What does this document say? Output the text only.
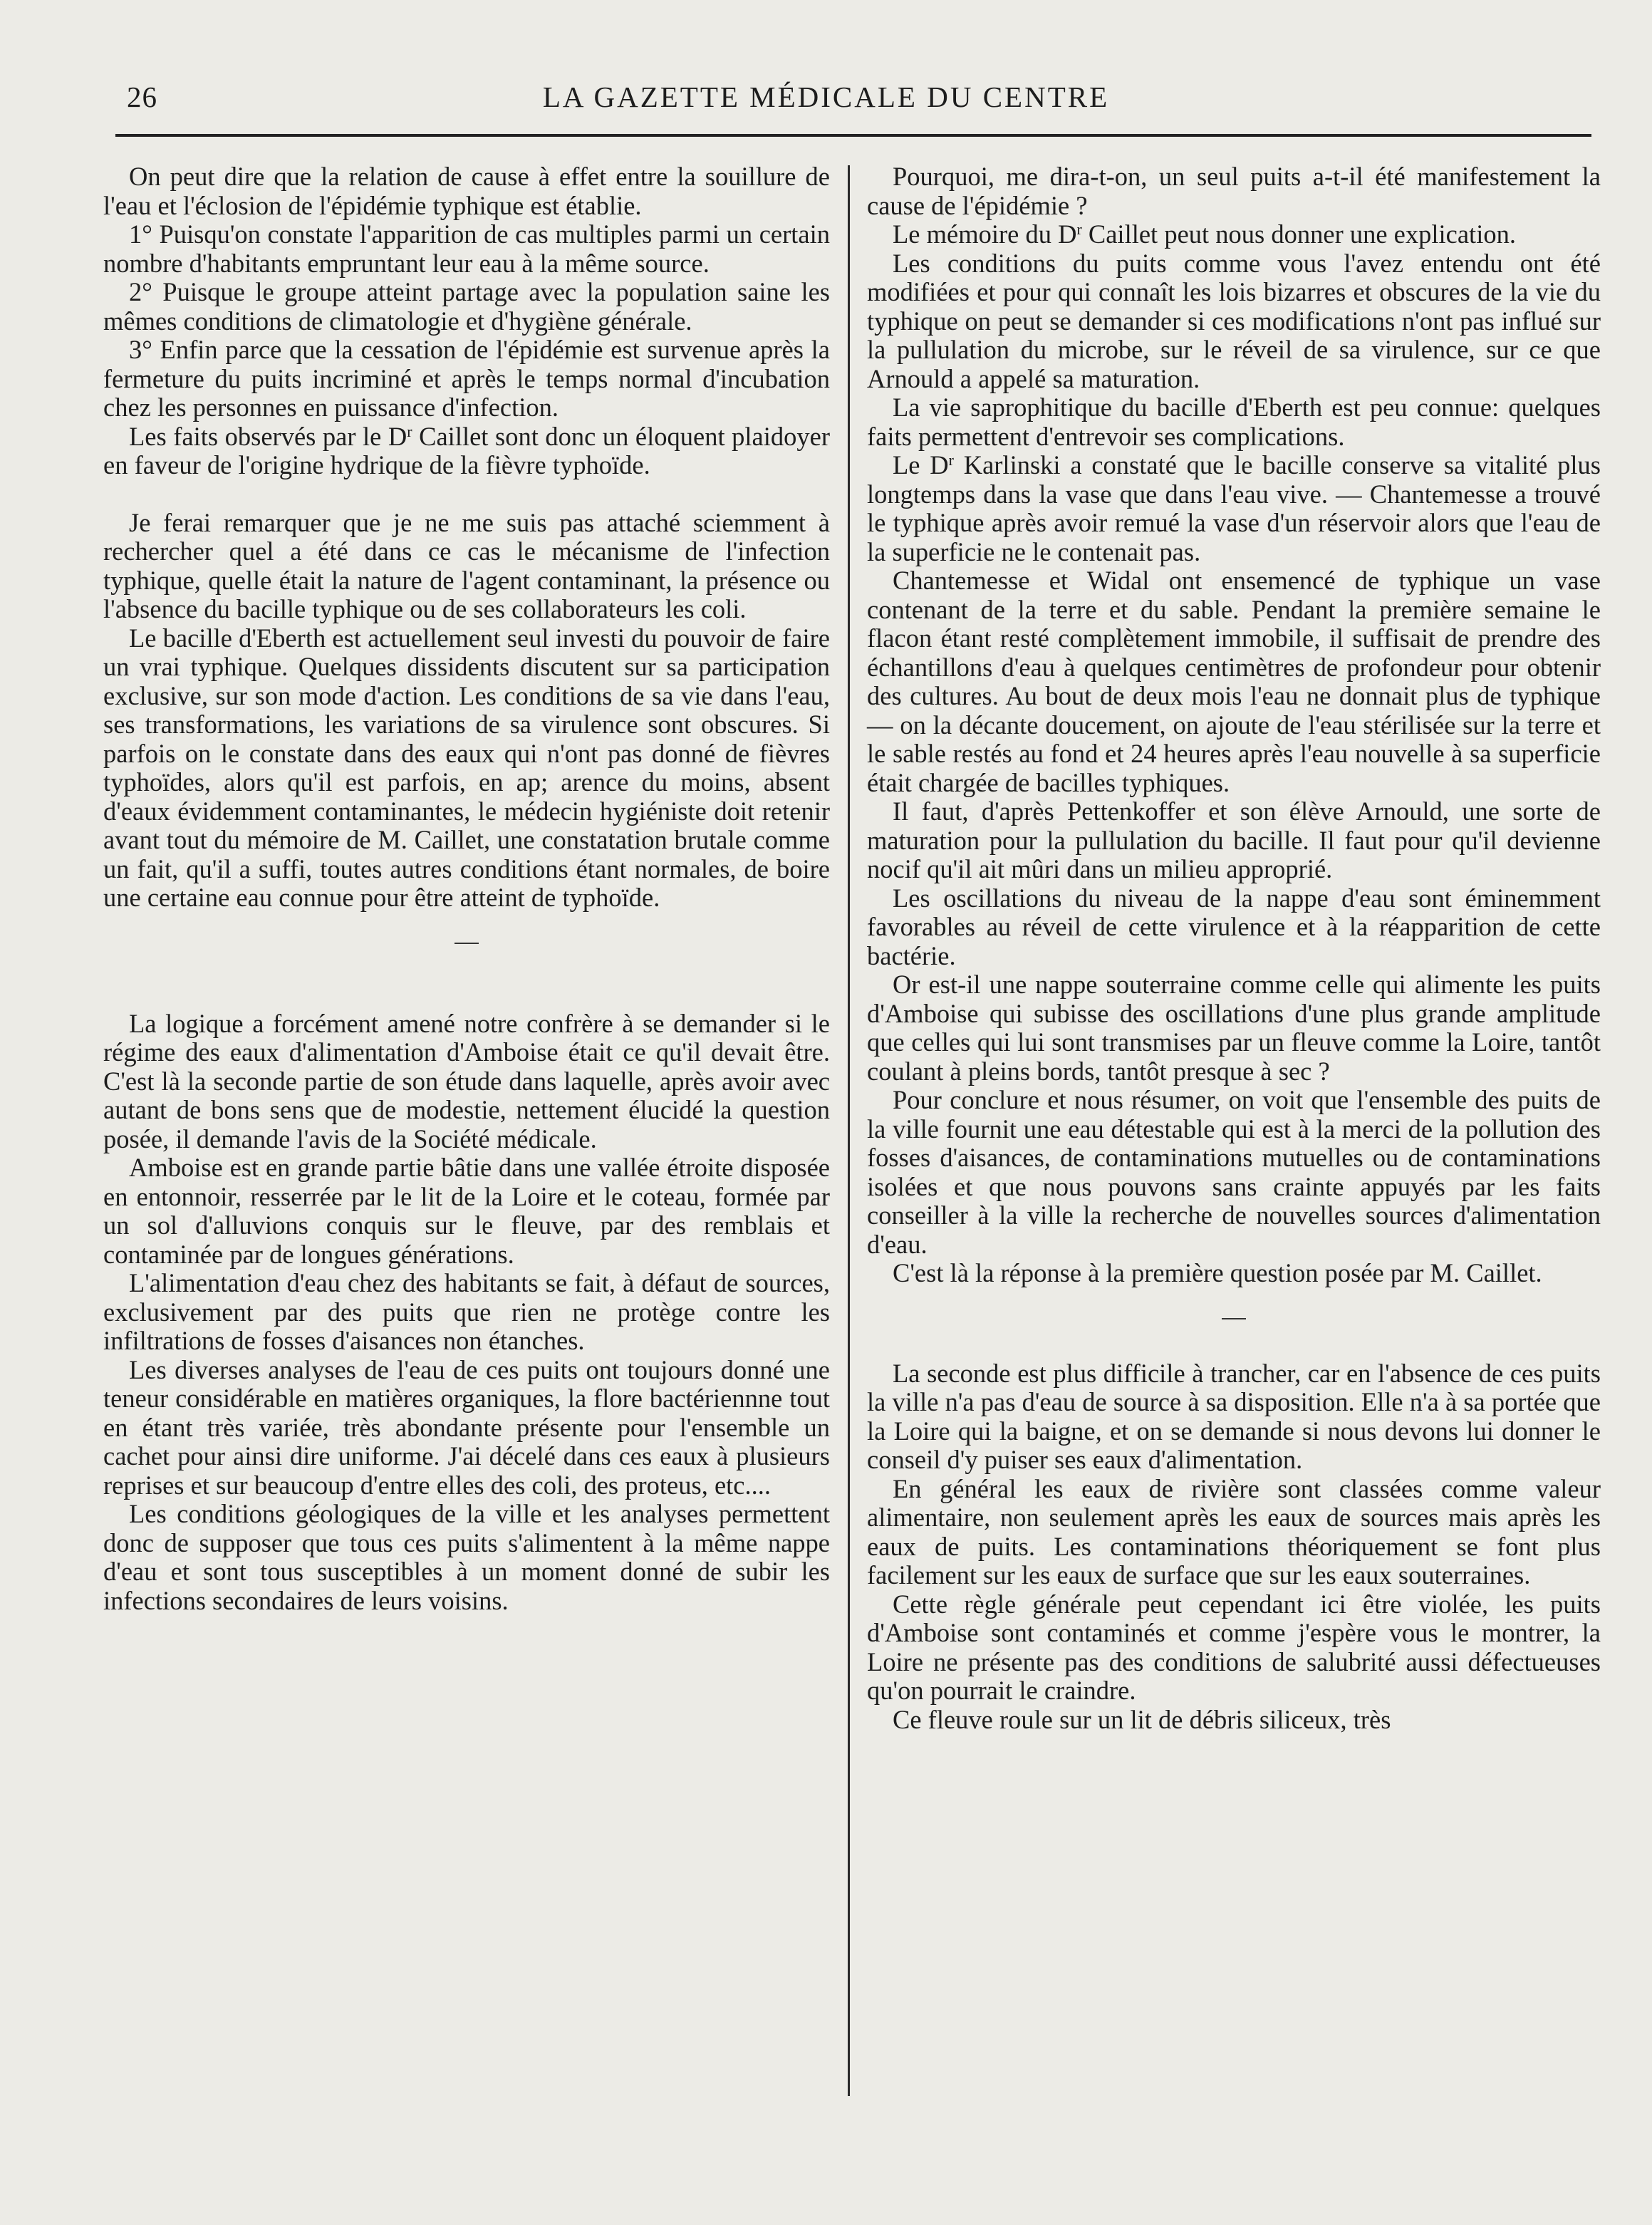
26	LA GAZETTE MÉDICALE DU CENTRE

On peut dire que la relation de cause à effet entre la souillure de l'eau et l'éclosion de l'épidémie typhique est établie.

1° Puisqu'on constate l'apparition de cas multiples parmi un certain nombre d'habitants empruntant leur eau à la même source.

2° Puisque le groupe atteint partage avec la population saine les mêmes conditions de climatologie et d'hygiène générale.

3° Enfin parce que la cessation de l'épidémie est survenue après la fermeture du puits incriminé et après le temps normal d'incubation chez les personnes en puissance d'infection.

Les faits observés par le $D^r$ Caillet sont donc un éloquent plaidoyer en faveur de l'origine hydrique de la fièvre typhoïde.

Je ferai remarquer que je ne me suis pas attaché sciemment à rechercher quel a été dans ce cas le mécanisme de l'infection typhique, quelle était la nature de l'agent contaminant, la présence ou l'absence du bacille typhique ou de ses collaborateurs les coli.

Le bacille d'Eberth est actuellement seul investi du pouvoir de faire un vrai typhique. Quelques dissidents discutent sur sa participation exclusive, sur son mode d'action. Les conditions de sa vie dans l'eau, ses transformations, les variations de sa virulence sont obscures. Si parfois on le constate dans des eaux qui n'ont pas donné de fièvres typhoïdes, alors qu'il est parfois, en ap; arence du moins, absent d'eaux évidemment contaminantes, le médecin hygiéniste doit retenir avant tout du mémoire de M. Caillet, une constatation brutale comme un fait, qu'il a suffi, toutes autres conditions étant normales, de boire une certaine eau connue pour être atteint de typhoïde.

La logique a forcément amené notre confrère à se demander si le régime des eaux d'alimentation d'Amboise était ce qu'il devait être. C'est là la seconde partie de son étude dans laquelle, après avoir avec autant de bons sens que de modestie, nettement élucidé la question posée, il demande l'avis de la Société médicale.

Amboise est en grande partie bâtie dans une vallée étroite disposée en entonnoir, resserrée par le lit de la Loire et le coteau, formée par un sol d'alluvions conquis sur le fleuve, par des remblais et contaminée par de longues générations.

L'alimentation d'eau chez des habitants se fait, à défaut de sources, exclusivement par des puits que rien ne protège contre les infiltrations de fosses d'aisances non étanches.

Les diverses analyses de l'eau de ces puits ont toujours donné une teneur considérable en matières organiques, la flore bactériennne tout en étant très variée, très abondante présente pour l'ensemble un cachet pour ainsi dire uniforme. J'ai décelé dans ces eaux à plusieurs reprises et sur beaucoup d'entre elles des coli, des proteus, etc....

Les conditions géologiques de la ville et les analyses permettent donc de supposer que tous ces puits s'alimentent à la même nappe d'eau et sont tous susceptibles à un moment donné de subir les infections secondaires de leurs voisins.

Pourquoi, me dira-t-on, un seul puits a-t-il été manifestement la cause de l'épidémie ?

Le mémoire du $D^r$ Caillet peut nous donner une explication.

Les conditions du puits comme vous l'avez entendu ont été modifiées et pour qui connaît les lois bizarres et obscures de la vie du typhique on peut se demander si ces modifications n'ont pas influé sur la pullulation du microbe, sur le réveil de sa virulence, sur ce que Arnould a appelé sa maturation.

La vie saprophitique du bacille d'Eberth est peu connue: quelques faits permettent d'entrevoir ses complications.

Le $D^r$ Karlinski a constaté que le bacille conserve sa vitalité plus longtemps dans la vase que dans l'eau vive. — Chantemesse a trouvé le typhique après avoir remué la vase d'un réservoir alors que l'eau de la superficie ne le contenait pas.

Chantemesse et Widal ont ensemencé de typhique un vase contenant de la terre et du sable. Pendant la première semaine le flacon étant resté complètement immobile, il suffisait de prendre des échantillons d'eau à quelques centimètres de profondeur pour obtenir des cultures. Au bout de deux mois l'eau ne donnait plus de typhique — on la décante doucement, on ajoute de l'eau stérilisée sur la terre et le sable restés au fond et 24 heures après l'eau nouvelle à sa superficie était chargée de bacilles typhiques.

Il faut, d'après Pettenkoffer et son élève Arnould, une sorte de maturation pour la pullulation du bacille. Il faut pour qu'il devienne nocif qu'il ait mûri dans un milieu approprié.

Les oscillations du niveau de la nappe d'eau sont éminemment favorables au réveil de cette virulence et à la réapparition de cette bactérie.

Or est-il une nappe souterraine comme celle qui alimente les puits d'Amboise qui subisse des oscillations d'une plus grande amplitude que celles qui lui sont transmises par un fleuve comme la Loire, tantôt coulant à pleins bords, tantôt presque à sec ?

Pour conclure et nous résumer, on voit que l'ensemble des puits de la ville fournit une eau détestable qui est à la merci de la pollution des fosses d'aisances, de contaminations mutuelles ou de contaminations isolées et que nous pouvons sans crainte appuyés par les faits conseiller à la ville la recherche de nouvelles sources d'alimentation d'eau.

C'est là la réponse à la première question posée par M. Caillet.

La seconde est plus difficile à trancher, car en l'absence de ces puits la ville n'a pas d'eau de source à sa disposition. Elle n'a à sa portée que la Loire qui la baigne, et on se demande si nous devons lui donner le conseil d'y puiser ses eaux d'alimentation.

En général les eaux de rivière sont classées comme valeur alimentaire, non seulement après les eaux de sources mais après les eaux de puits. Les contaminations théoriquement se font plus facilement sur les eaux de surface que sur les eaux souterraines.

Cette règle générale peut cependant ici être violée, les puits d'Amboise sont contaminés et comme j'espère vous le montrer, la Loire ne présente pas des conditions de salubrité aussi défectueuses qu'on pourrait le craindre.

Ce fleuve roule sur un lit de débris siliceux, très
